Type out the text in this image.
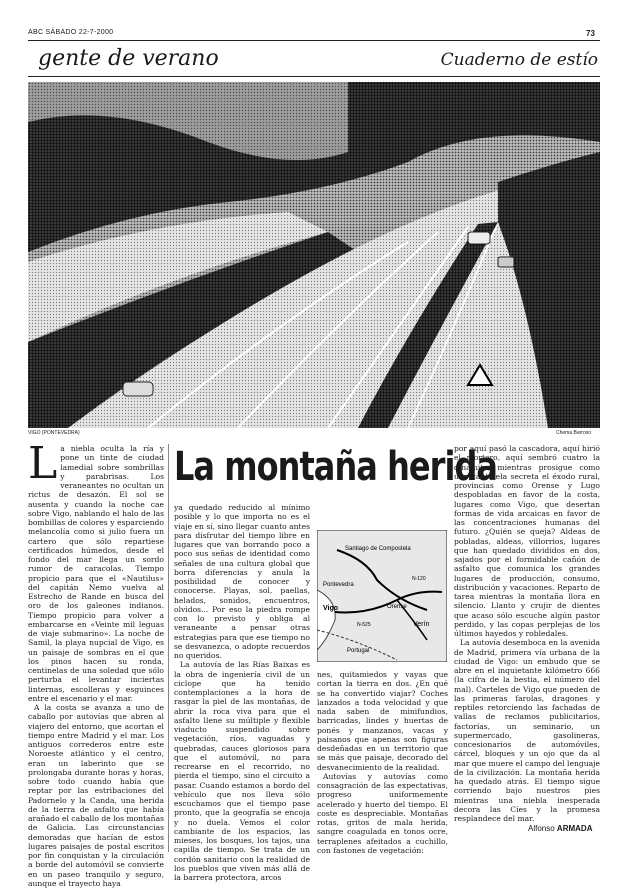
ABC SÁBADO 22-7-2000	73
gente de verano	Cuaderno de estío
VIGO (PONTEVEDRA)	Chema Barroso

La niebla oculta la ría y pone un tinte de ciudad lamedial sobre sombrillas y parabrisas. Los veraneantes no ocultan un rictus de desazón. El sol se ausenta y cuando la noche cae sobre Vigo, nablando el halo de las bombillas de colores y esparciendo melancolía como si julio fuera un cartero que sólo repartiese certificados húmedos, desde el fondo del mar llega un sordo rumor de caracolas. Tiempo propicio para que el «Nautilus» del capitán Nemo vuelva al Estrecho de Rande en busca del oro de los galeones indianos. Tiempo propicio para volver a embarcarse en «Veinte mil leguas de viaje submarino». La noche de Samil, la playa nupcial de Vigo, es un paisaje de sombras en el que los pinos hacen su ronda, centinelas de una soledad que sólo perturba el levantar inciertas linternas, escolleras y esguinces entre el escenario y el mar.

A la costa se avanza a uno de caballo por autovías que abren al viajero del entorno, que acortan el tiempo entre Madrid y el mar. Los antiguos correderos entre este Noroeste atlántico y el centro, eran un laberinto que se prolongaba durante horas y horas, sobre todo cuando había que reptar por las estribaciones del Padornelo y la Canda, una herida de la tierra de asfalto que había arañado el caballo de los montañas de Galicia. Las circunstancias demoradas que hacían de estos lugares paisajes de postal escritos por fin conquistan y la circulación a borde del automóvil se convierte en un paseo tranquilo y seguro, aunque el trayecto haya

La montaña herida

ya quedado reducido al mínimo posible y lo que importa no es el viaje en sí, sino llegar cuanto antes para disfrutar del tiempo libre en lugares que van borrando poco a poco sus señas de identidad como señales de una cultura global que borra diferencias y anula la posibilidad de conocer y conocerse. Playas, sol, paellas, helados, sonidos, encuentros, olvidos... Por eso la piedra rompe con lo previsto y obliga al veraneante a pensar otras estrategias para que ese tiempo no se desvanezca, o adopte recuerdos no queridos.

La autovía de las Rías Baixas es la obra de ingeniería civil de un ciclope que ha tenido contemplaciones a la hora de rasgar la piel de las montañas, de abrir la roca viva para que el asfalto llene su múltiple y flexible viaducto suspendido sobre vegetación, ríos, vaguadas y quebradas, cauces gloriosos para que el automóvil, no para recrearse en el recorrido, no pierda el tiempo, sino el circuito a pasar. Cuando estamos a bordo del vehículo que nos lleva sólo escuchamos que el tiempo pase pronto, que la geografía se encoja y no duela. Vemos el color cambiante de los espacios, las mieses, los bosques, los tajos, una capilla de tiempo. Se trata de un cordón sanitario con la realidad de los pueblos que viven más allá de la barrera protectora, arcos

Santiago de Compostela
Pontevedra
Vigo	Orense
Verín
N-525
N-120
Portugal

nes, quitamiedos y vayas que cortan la tierra en dos. ¿En qué se ha convertido viajar? Coches lanzados a toda velocidad y que nada saben de minifundios, barricadas, lindes y huertas de ponés y manzanos, vacas y paisanos que apenas son figuras desdeñadas en un territorio que se más que paisaje, decorado del desvanecimiento de la realidad.

Autovías y autovías como consagración de las expectativas, progreso uniformemente acelerado y huerto del tiempo. El coste es despreciable. Montañas rotas, gritos de mala herida, sangre coagulada en tonos ocre, terraplenes afeitados a cuchillo, con fastones de vegetación:

por aquí pasó la cascadora, aquí hirió el mortero, aquí sembró cuatro la dinamita, mientras prosigue como una cantinela secreta el éxodo rural, provincias como Orense y Lugo despobladas en favor de la costa, lugares como Vigo, que desertan formas de vida arcaicas en favor de las concentraciones humanas del futuro. ¿Quién se queja? Aldeas de pobladas, aldeas, villorrios, lugares que han quedado divididos en dos, sajados por el formidable cañón de asfalto que comunica los grandes lugares de producción, consumo, distribución y vacaciones. Reparto de tarea mientras la montaña llora en silencio. Llanto y crujir de dientes que acaso sólo escuche algún pastor perdido, y las copas perplejas de los últimos hayedos y robledales.

La autovía desemboca en la avenida de Madrid, primera vía urbana de la ciudad de Vigo: un embudo que se abre en el inquietante kilómetro 666 (la cifra de la bestia, el número del mal). Carteles de Vigo que pueden de las primeras farolas, dragones y reptiles retorciendo las fachadas de vallas de reclamos publicitarios, factorías, un seminario, un supermercado, gasolineras, concesionarios de automóviles, cárcel, bloques y un ojo que da al mar que muere el campo del lenguaje de la civilización. La montaña herida ha quedado atrás. El tiempo sigue corriendo bajo nuestros pies mientras una niebla inesperada decora las Cíes y la promesa resplandece del mar.

Alfonso ARMADA
